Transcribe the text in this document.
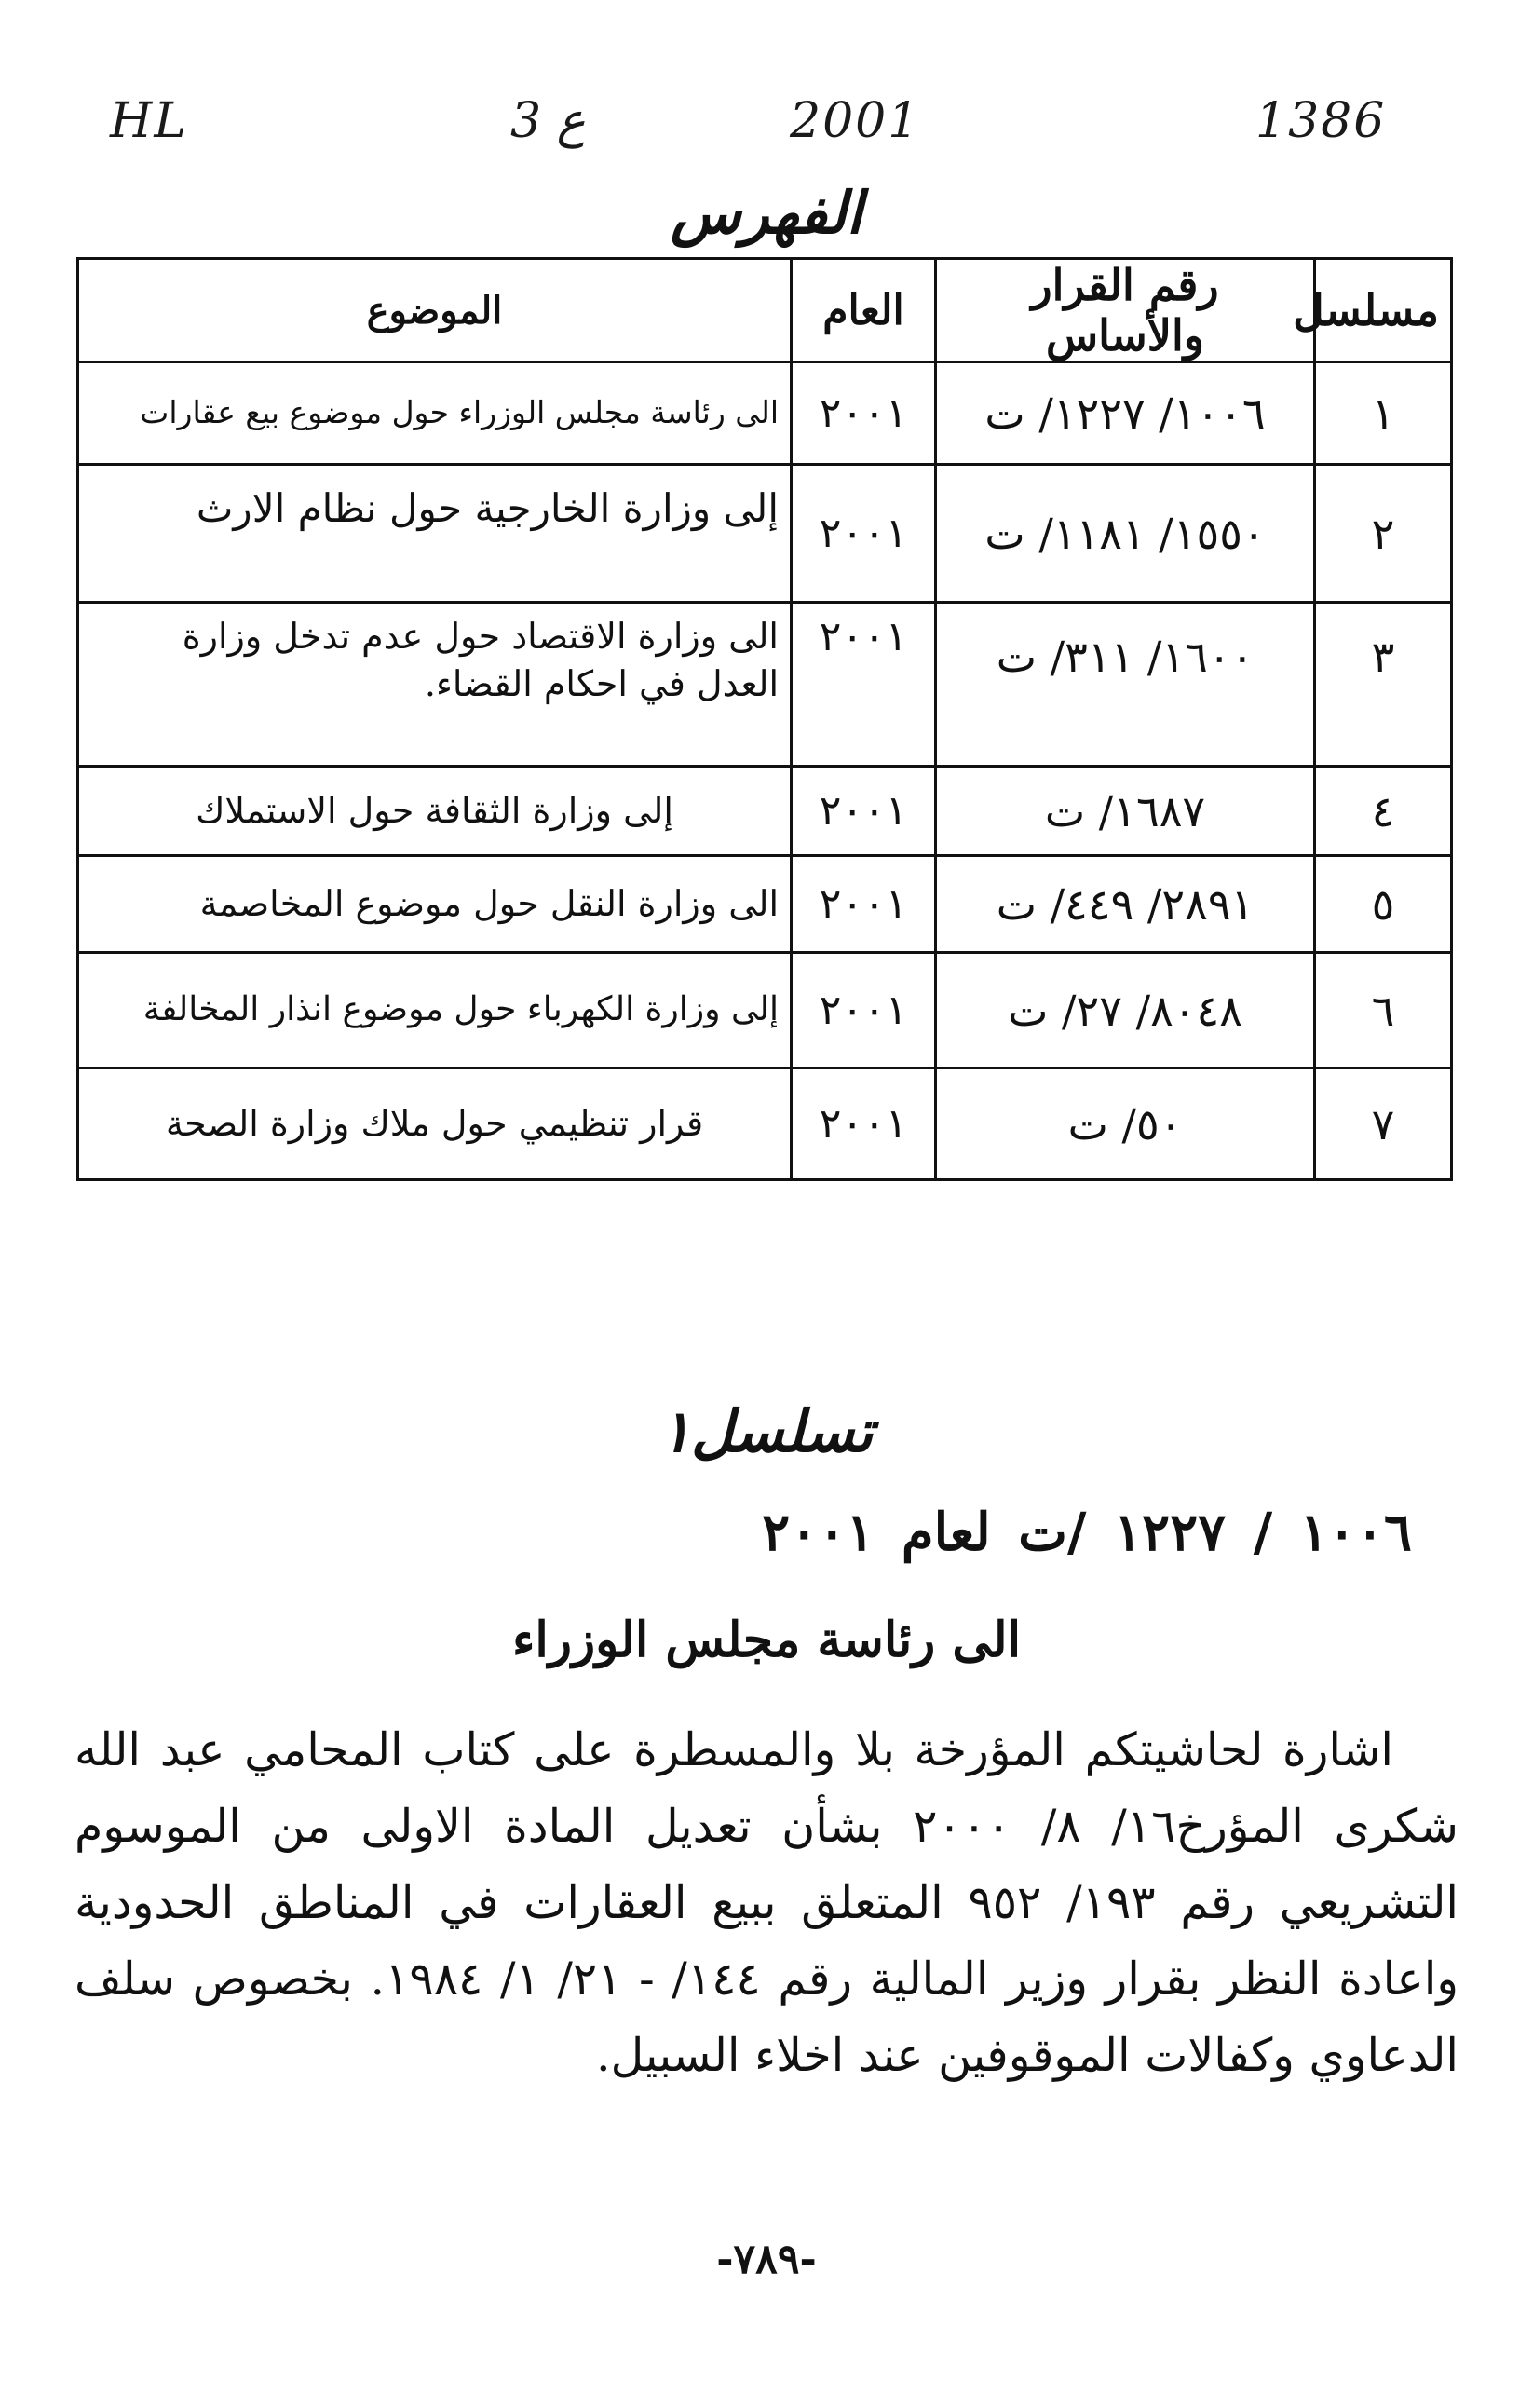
HL	3 ع	2001	1386
الفهرس
مسلسل	رقم القرار والأساس	العام	الموضوع
١	١٠٠٦/ ١٢٢٧/ ت	٢٠٠١	الى رئاسة مجلس الوزراء حول موضوع بيع عقارات
٢	١٥٥٠/ ١١٨١/ ت	٢٠٠١	إلى وزارة الخارجية حول نظام الارث
٣	١٦٠٠/ ٣١١/ ت	٢٠٠١	الى وزارة الاقتصاد حول عدم تدخل وزارة العدل في احكام القضاء.
٤	١٦٨٧/ ت	٢٠٠١	إلى وزارة الثقافة حول الاستملاك
٥	٢٨٩١/ ٤٤٩/ ت	٢٠٠١	الى وزارة النقل حول موضوع المخاصمة
٦	٨٠٤٨/ ٢٧/ ت	٢٠٠١	إلى وزارة الكهرباء حول موضوع انذار المخالفة
٧	٥٠/ ت	٢٠٠١	قرار تنظيمي حول ملاك وزارة الصحة
تسلسل١
١٠٠٦ / ١٢٢٧ /ت لعام ٢٠٠١
الى رئاسة مجلس الوزراء
اشارة لحاشيتكم المؤرخة بلا والمسطرة على كتاب المحامي عبد الله شكرى المؤرخ١٦/ ٨/ ٢٠٠٠ بشأن تعديل المادة الاولى من الموسوم التشريعي رقم ١٩٣/ ٩٥٢ المتعلق ببيع العقارات في المناطق الحدودية واعادة النظر بقرار وزير المالية رقم ١٤٤/ - ٢١/ ١/ ١٩٨٤. بخصوص سلف الدعاوي وكفالات الموقوفين عند اخلاء السبيل.
-٧٨٩-
